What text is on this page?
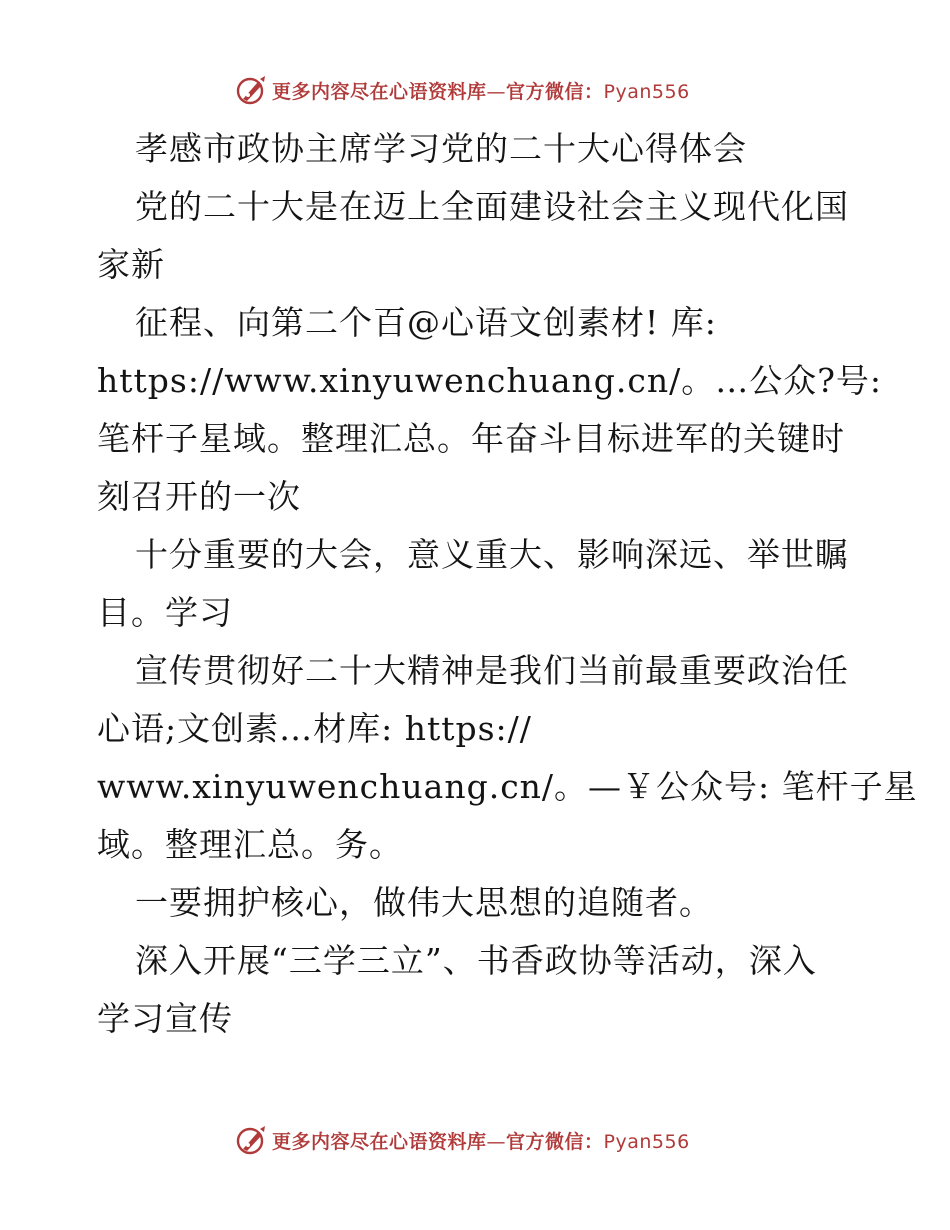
更多内容尽在心语资料库—官方微信：Pyan556
孝感市政协主席学习党的二十大心得体会
党的二十大是在迈上全面建设社会主义现代化国
家新
征程、向第二个百@心语文创素材! 库:
https://www.xinyuwenchuang.cn/。…公众?号:
笔杆子星域。整理汇总。年奋斗目标进军的关键时
刻召开的一次
十分重要的大会，意义重大、影响深远、举世瞩
目。学习
宣传贯彻好二十大精神是我们当前最重要政治任
心语;文创素…材库: https://
www.xinyuwenchuang.cn/。—￥公众号: 笔杆子星
域。整理汇总。务。
一要拥护核心，做伟大思想的追随者。
深入开展“三学三立”、书香政协等活动，深入
学习宣传
更多内容尽在心语资料库—官方微信：Pyan556
